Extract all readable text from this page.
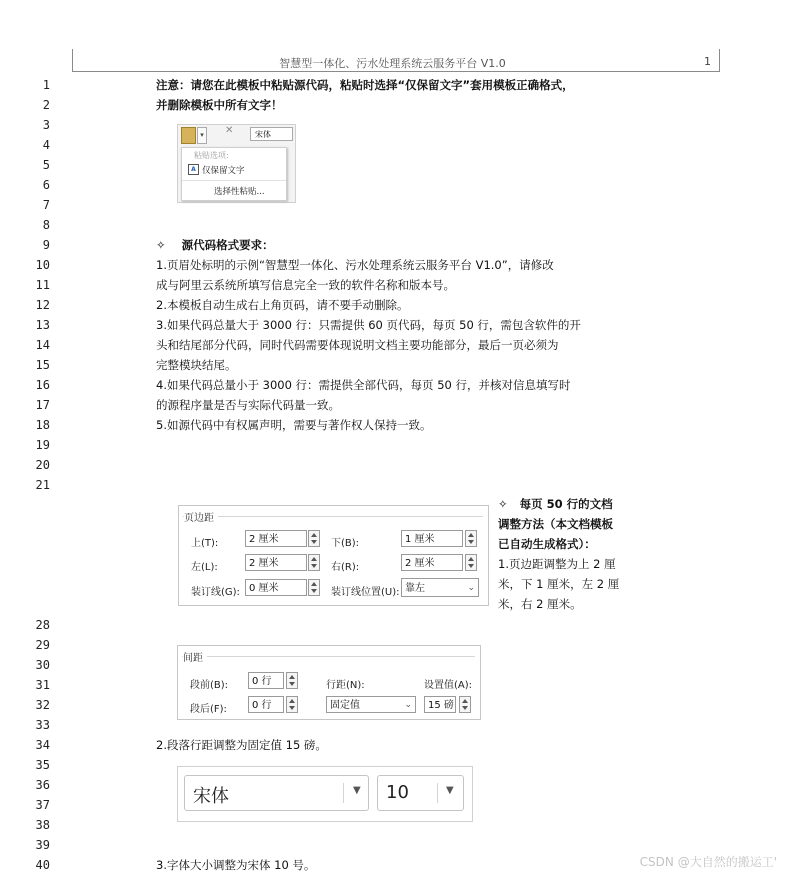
智慧型一体化、污水处理系统云服务平台 V1.0	1
1
2
3
4
5
6
7
8
9
10
11
12
13
14
15
16
17
18
19
20
21
28
29
30
31
32
33
34
35
36
37
38
39
40
注意：请您在此模板中粘贴源代码，粘贴时选择“仅保留文字”套用模板正确格式，
并删除模板中所有文字！
▾	✕	宋体
粘贴选项:
A 仅保留文字
选择性粘贴...
✧ 源代码格式要求：
1.页眉处标明的示例“智慧型一体化、污水处理系统云服务平台 V1.0”，请修改
成与阿里云系统所填写信息完全一致的软件名称和版本号。
2.本模板自动生成右上角页码，请不要手动删除。
3.如果代码总量大于 3000 行：只需提供 60 页代码，每页 50 行，需包含软件的开
头和结尾部分代码，同时代码需要体现说明文档主要功能部分，最后一页必须为
完整模块结尾。
4.如果代码总量小于 3000 行：需提供全部代码，每页 50 行，并核对信息填写时
的源程序量是否与实际代码量一致。
5.如源代码中有权属声明，需要与著作权人保持一致。
页边距
上(T):	2 厘米	下(B):	1 厘米
左(L):	2 厘米	右(R):	2 厘米
装订线(G): 0 厘米	装订线位置(U): 靠左	⌄
✧ 每页 50 行的文档
调整方法（本文档模板
已自动生成格式）：
1.页边距调整为上 2 厘
米，下 1 厘米，左 2 厘
米，右 2 厘米。
间距
段前(B):	0 行	行距(N):	设置值(A):
段后(F):	0 行	固定值	⌄	15 磅
2.段落行距调整为固定值 15 磅。
宋体	▼ 10	▼
3.字体大小调整为宋体 10 号。	CSDN @大自然的搬运工'
